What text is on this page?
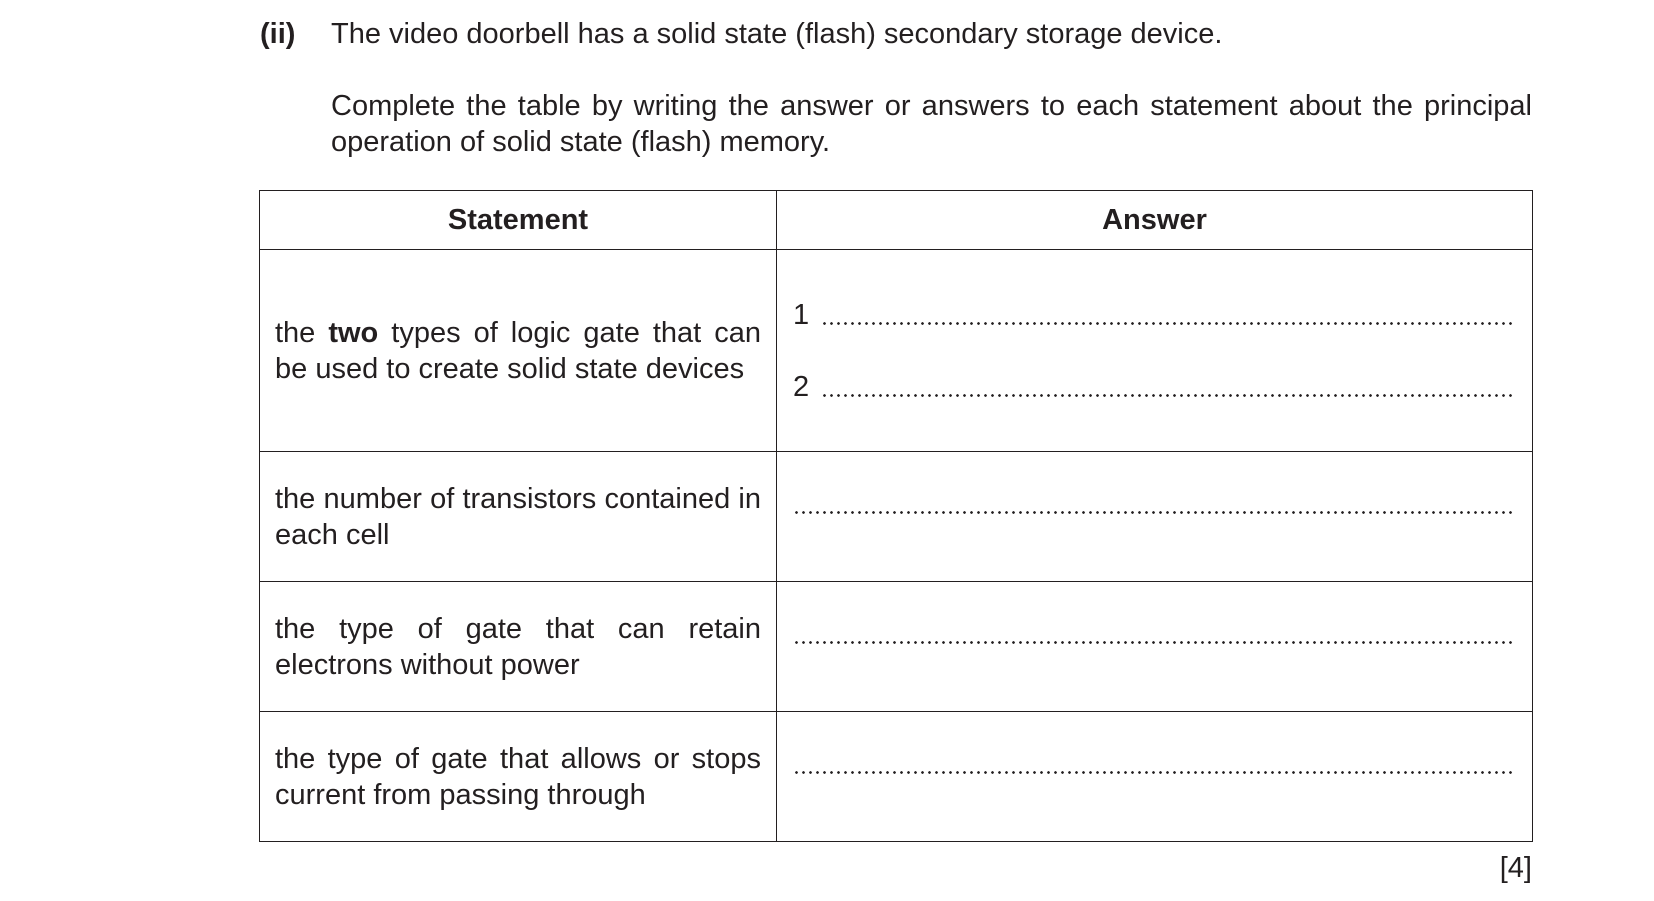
(ii) The video doorbell has a solid state (flash) secondary storage device.
Complete the table by writing the answer or answers to each statement about the principal operation of solid state (flash) memory.
Statement	Answer
the two types of logic gate that can be used to create solid state devices	1
2

the number of transistors contained in each cell	

the type of gate that can retain electrons without power	

the type of gate that allows or stops current from passing through	
[4]
